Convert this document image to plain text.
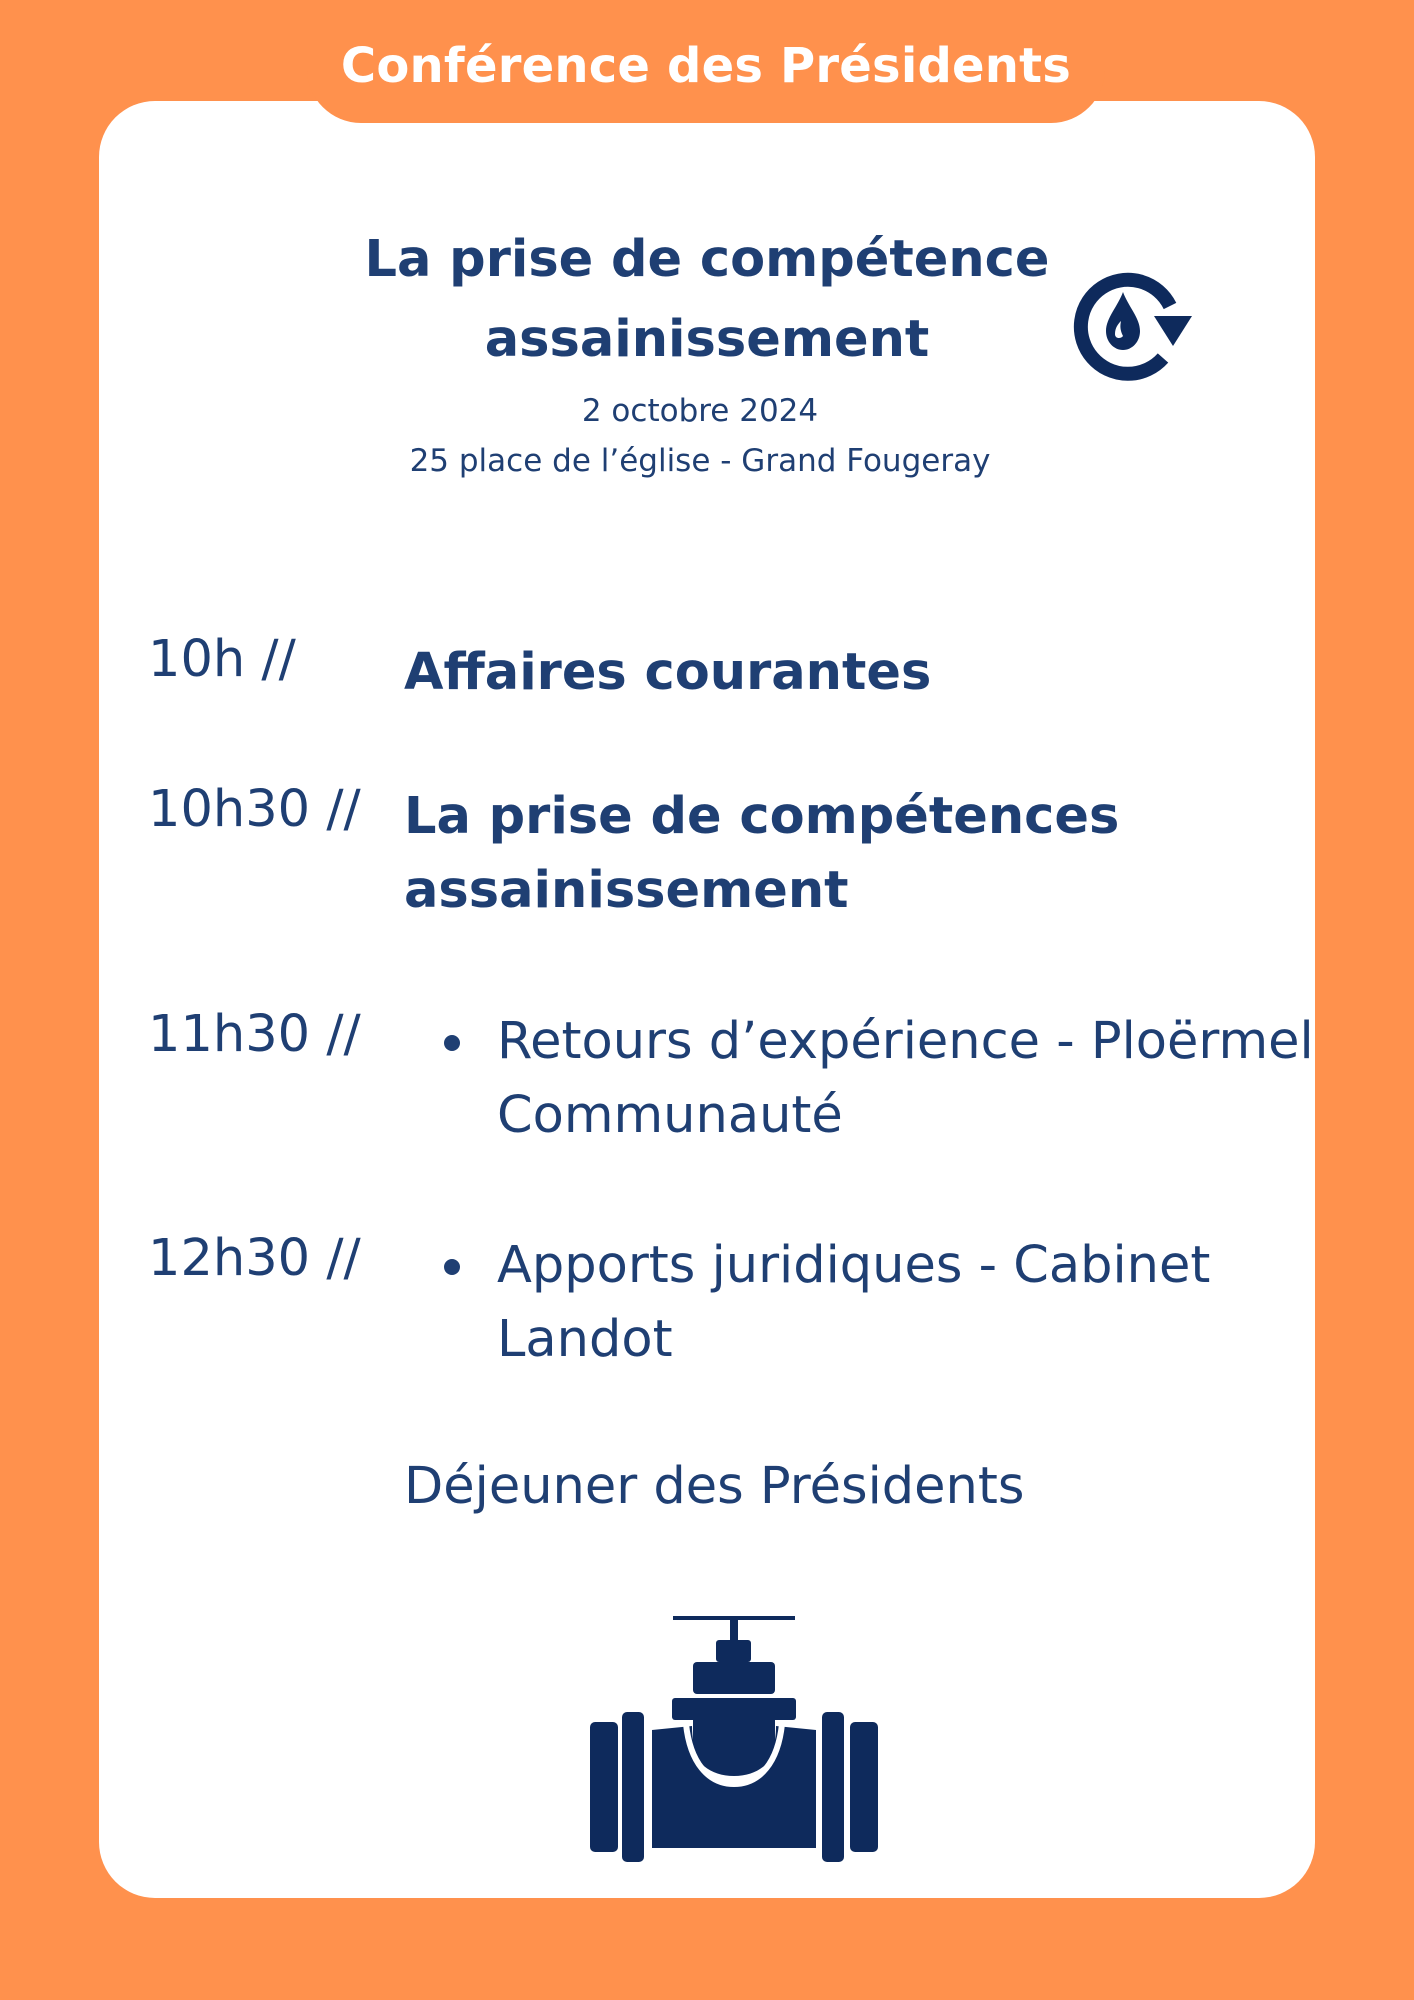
Conférence des Présidents
La prise de compétence
assainissement
2 octobre 2024
25 place de l’église - Grand Fougeray
10h // Affaires courantes
10h30 // La prise de compétences
assainissement
11h30 //	Retours d’expérience - Ploërmel
Communauté
12h30 //	Apports juridiques - Cabinet
Landot
Déjeuner des Présidents
